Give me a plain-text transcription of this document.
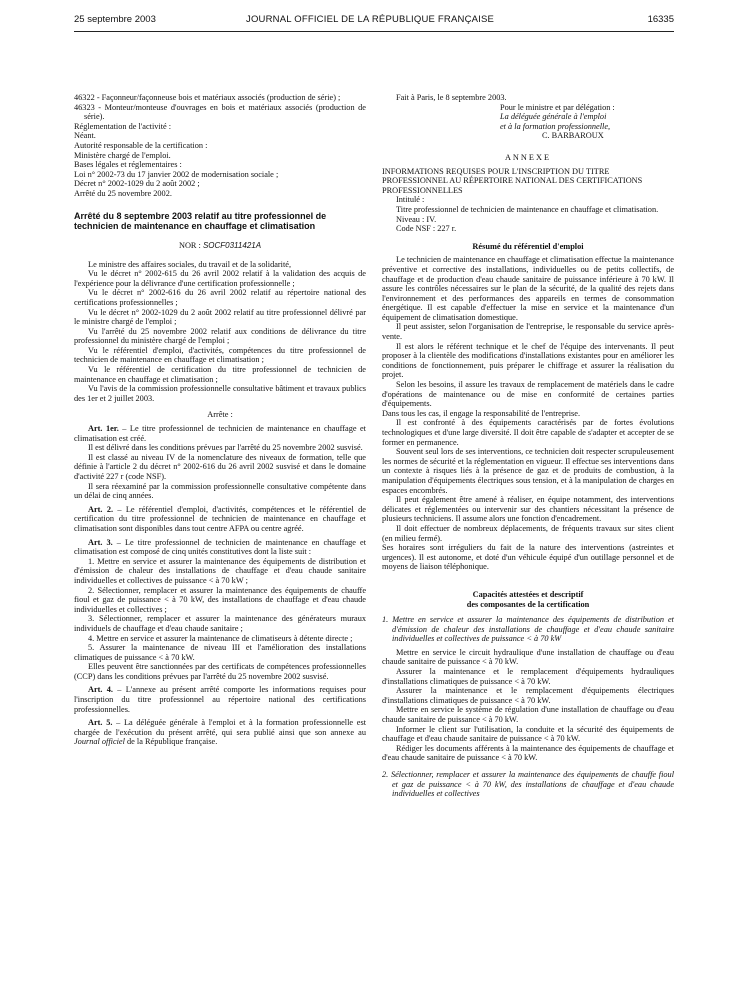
25 septembre 2003	JOURNAL OFFICIEL DE LA RÉPUBLIQUE FRANÇAISE	16335

46322 - Façonneur/façonneuse bois et matériaux associés (production de série) ;

46323 - Monteur/monteuse d'ouvrages en bois et matériaux associés (production de série).

Réglementation de l'activité :

Néant.

Autorité responsable de la certification :

Ministère chargé de l'emploi.

Bases légales et réglementaires :

Loi n° 2002-73 du 17 janvier 2002 de modernisation sociale ;

Décret n° 2002-1029 du 2 août 2002 ;

Arrêté du 25 novembre 2002.

Arrêté du 8 septembre 2003 relatif au titre professionnel de technicien de maintenance en chauffage et climatisation

NOR : SOCF0311421A

Le ministre des affaires sociales, du travail et de la solidarité,

Vu le décret n° 2002-615 du 26 avril 2002 relatif à la validation des acquis de l'expérience pour la délivrance d'une certification professionnelle ;

Vu le décret n° 2002-616 du 26 avril 2002 relatif au répertoire national des certifications professionnelles ;

Vu le décret n° 2002-1029 du 2 août 2002 relatif au titre professionnel délivré par le ministre chargé de l'emploi ;

Vu l'arrêté du 25 novembre 2002 relatif aux conditions de délivrance du titre professionnel du ministère chargé de l'emploi ;

Vu le référentiel d'emploi, d'activités, compétences du titre professionnel de technicien de maintenance en chauffage et climatisation ;

Vu le référentiel de certification du titre professionnel de technicien de maintenance en chauffage et climatisation ;

Vu l'avis de la commission professionnelle consultative bâtiment et travaux publics des 1er et 2 juillet 2003.

Arrête :

Art. 1er. – Le titre professionnel de technicien de maintenance en chauffage et climatisation est créé.

Il est délivré dans les conditions prévues par l'arrêté du 25 novembre 2002 susvisé.

Il est classé au niveau IV de la nomenclature des niveaux de formation, telle que définie à l'article 2 du décret n° 2002-616 du 26 avril 2002 susvisé et dans le domaine d'activité 227 r (code NSF).

Il sera réexaminé par la commission professionnelle consultative compétente dans un délai de cinq années.

Art. 2. – Le référentiel d'emploi, d'activités, compétences et le référentiel de certification du titre professionnel de technicien de maintenance en chauffage et climatisation sont disponibles dans tout centre AFPA ou centre agréé.

Art. 3. – Le titre professionnel de technicien de maintenance en chauffage et climatisation est composé de cinq unités constitutives dont la liste suit :

1. Mettre en service et assurer la maintenance des équipements de distribution et d'émission de chaleur des installations de chauffage et d'eau chaude sanitaire individuelles et collectives de puissance < à 70 kW ;

2. Sélectionner, remplacer et assurer la maintenance des équipements de chauffe fioul et gaz de puissance < à 70 kW, des installations de chauffage et d'eau chaude individuelles et collectives ;

3. Sélectionner, remplacer et assurer la maintenance des générateurs muraux individuels de chauffage et d'eau chaude sanitaire ;

4. Mettre en service et assurer la maintenance de climatiseurs à détente directe ;

5. Assurer la maintenance de niveau III et l'amélioration des installations climatiques de puissance < à 70 kW.

Elles peuvent être sanctionnées par des certificats de compétences professionnelles (CCP) dans les conditions prévues par l'arrêté du 25 novembre 2002 susvisé.

Art. 4. – L'annexe au présent arrêté comporte les informations requises pour l'inscription du titre professionnel au répertoire national des certifications professionnelles.

Art. 5. – La déléguée générale à l'emploi et à la formation professionnelle est chargée de l'exécution du présent arrêté, qui sera publié ainsi que son annexe au Journal officiel de la République française.

Fait à Paris, le 8 septembre 2003.

Pour le ministre et par délégation :

La déléguée générale à l'emploi

et à la formation professionnelle,

C. BARBAROUX

ANNEXE

INFORMATIONS REQUISES POUR L'INSCRIPTION DU TITRE PROFESSIONNEL AU RÉPERTOIRE NATIONAL DES CERTIFICATIONS PROFESSIONNELLES

Intitulé :

Titre professionnel de technicien de maintenance en chauffage et climatisation.

Niveau : IV.

Code NSF : 227 r.

Résumé du référentiel d'emploi

Le technicien de maintenance en chauffage et climatisation effectue la maintenance préventive et corrective des installations, individuelles ou de petits collectifs, de chauffage et de production d'eau chaude sanitaire de puissance inférieure à 70 kW. Il assure les contrôles nécessaires sur le plan de la sécurité, de la qualité des rejets dans l'environnement et des performances des appareils en termes de consommation énergétique. Il est capable d'effectuer la mise en service et la maintenance d'un équipement de climatisation domestique.

Il peut assister, selon l'organisation de l'entreprise, le responsable du service après-vente.

Il est alors le référent technique et le chef de l'équipe des intervenants. Il peut proposer à la clientèle des modifications d'installations existantes pour en améliorer les conditions de fonctionnement, puis préparer le chiffrage et assurer la réalisation du projet.

Selon les besoins, il assure les travaux de remplacement de matériels dans le cadre d'opérations de maintenance ou de mise en conformité de certaines parties d'équipements.

Dans tous les cas, il engage la responsabilité de l'entreprise.

Il est confronté à des équipements caractérisés par de fortes évolutions technologiques et d'une large diversité. Il doit être capable de s'adapter et accepter de se former en permanence.

Souvent seul lors de ses interventions, ce technicien doit respecter scrupuleusement les normes de sécurité et la réglementation en vigueur. Il effectue ses interventions dans un contexte à risques liés à la présence de gaz et de produits de combustion, à la manipulation d'équipements électriques sous tension, et à la manipulation de charges en espaces encombrés.

Il peut également être amené à réaliser, en équipe notamment, des interventions délicates et réglementées ou intervenir sur des chantiers nécessitant la présence de plusieurs techniciens. Il assume alors une fonction d'encadrement.

Il doit effectuer de nombreux déplacements, de fréquents travaux sur sites client (en milieu fermé).

Ses horaires sont irréguliers du fait de la nature des interventions (astreintes et urgences). Il est autonome, et doté d'un véhicule équipé d'un outillage personnel et de moyens de liaison téléphonique.

Capacités attestées et descriptif
des composantes de la certification

1. Mettre en service et assurer la maintenance des équipements de distribution et d'émission de chaleur des installations de chauffage et d'eau chaude sanitaire individuelles et collectives de puissance < à 70 kW

Mettre en service le circuit hydraulique d'une installation de chauffage ou d'eau chaude sanitaire de puissance < à 70 kW.

Assurer la maintenance et le remplacement d'équipements hydrauliques d'installations climatiques de puissance < à 70 kW.

Assurer la maintenance et le remplacement d'équipements électriques d'installations climatiques de puissance < à 70 kW.

Mettre en service le système de régulation d'une installation de chauffage ou d'eau chaude sanitaire de puissance < à 70 kW.

Informer le client sur l'utilisation, la conduite et la sécurité des équipements de chauffage et d'eau chaude sanitaire de puissance < à 70 kW.

Rédiger les documents afférents à la maintenance des équipements de chauffage et d'eau chaude sanitaire de puissance < à 70 kW.

2. Sélectionner, remplacer et assurer la maintenance des équipements de chauffe fioul et gaz de puissance < à 70 kW, des installations de chauffage et d'eau chaude individuelles et collectives
